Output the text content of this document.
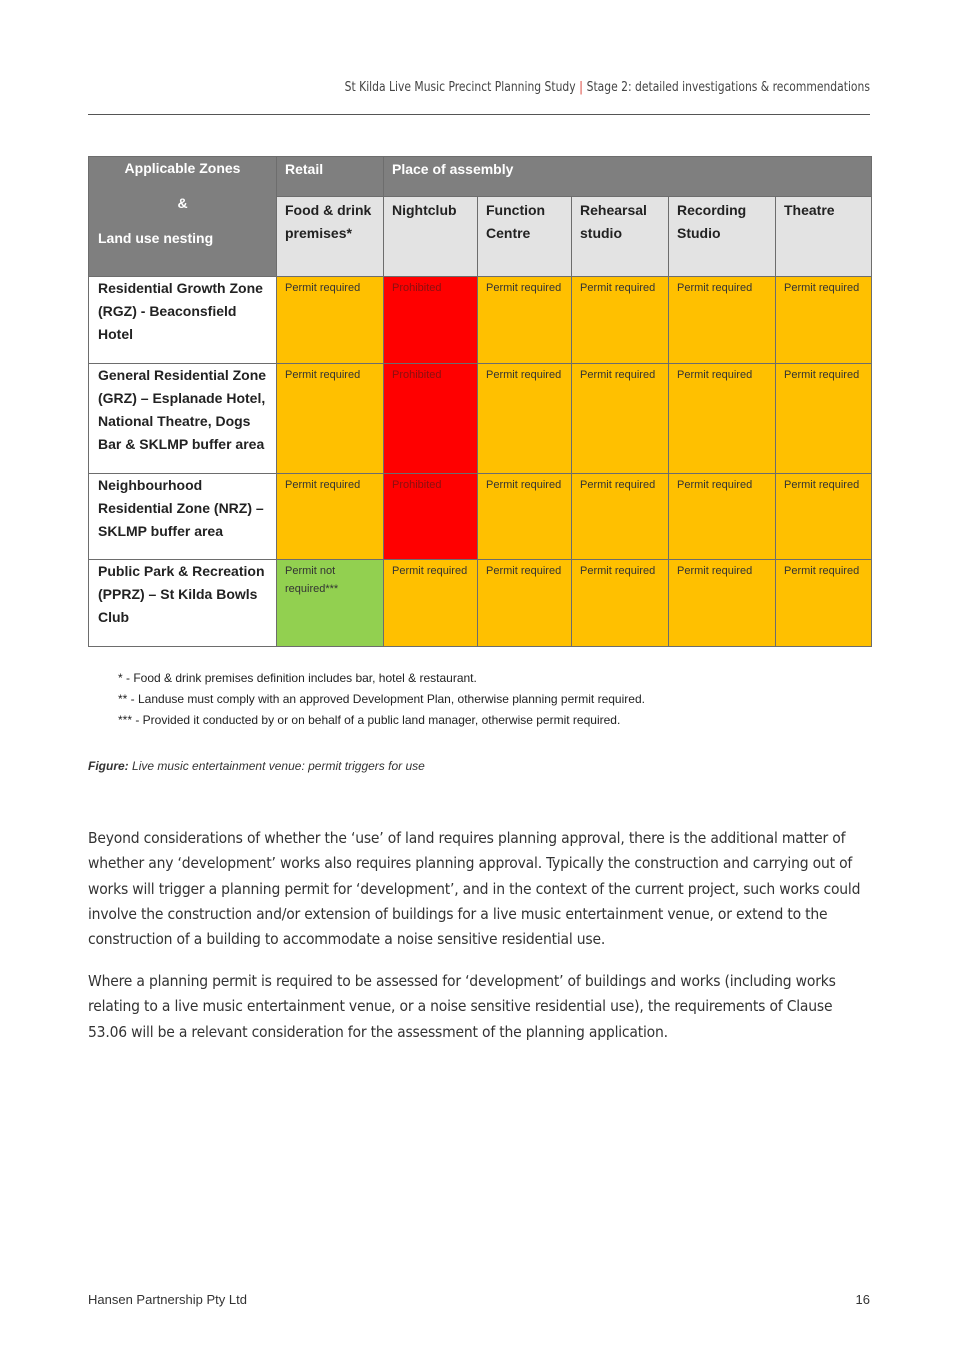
St Kilda Live Music Precinct Planning Study | Stage 2: detailed investigations & recommendations
Applicable Zones
&
Land use nesting	Retail	Place of assembly				
	Food & drink premises*	Nightclub	Function Centre	Rehearsal studio	Recording Studio	Theatre
Residential Growth Zone (RGZ) - Beaconsfield Hotel	Permit required	Prohibited	Permit required	Permit required	Permit required	Permit required
General Residential Zone (GRZ) – Esplanade Hotel, National Theatre, Dogs Bar & SKLMP buffer area	Permit required	Prohibited	Permit required	Permit required	Permit required	Permit required
Neighbourhood Residential Zone (NRZ) – SKLMP buffer area	Permit required	Prohibited	Permit required	Permit required	Permit required	Permit required
Public Park & Recreation (PPRZ) – St Kilda Bowls Club	Permit not required***	Permit required	Permit required	Permit required	Permit required	Permit required
* - Food & drink premises definition includes bar, hotel & restaurant.
** - Landuse must comply with an approved Development Plan, otherwise planning permit required.
*** - Provided it conducted by or on behalf of a public land manager, otherwise permit required.
Figure: Live music entertainment venue: permit triggers for use
Beyond considerations of whether the ‘use’ of land requires planning approval, there is the additional matter of whether any ‘development’ works also requires planning approval. Typically the construction and carrying out of works will trigger a planning permit for ‘development’, and in the context of the current project, such works could involve the construction and/or extension of buildings for a live music entertainment venue, or extend to the construction of a building to accommodate a noise sensitive residential use.
Where a planning permit is required to be assessed for ‘development’ of buildings and works (including works relating to a live music entertainment venue, or a noise sensitive residential use), the requirements of Clause 53.06 will be a relevant consideration for the assessment of the planning application.
Hansen Partnership Pty Ltd	16
